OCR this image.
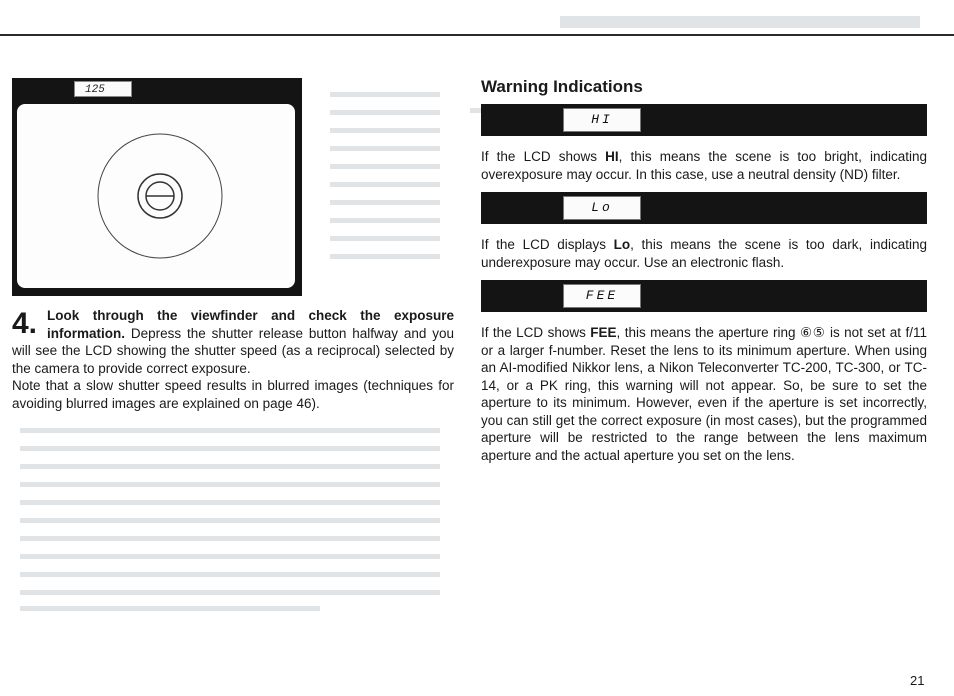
125
4. Look through the viewfinder and check the exposure information. Depress the shutter release button halfway and you will see the LCD showing the shutter speed (as a reciprocal) selected by the camera to provide correct exposure.

Note that a slow shutter speed results in blurred images (techniques for avoiding blurred images are explained on page 46).

Warning Indications
HI

If the LCD shows HI, this means the scene is too bright, indicating overexposure may occur. In this case, use a neutral density (ND) filter.

Lo

If the LCD displays Lo, this means the scene is too dark, indicating underexposure may occur. Use an electronic flash.

FEE

If the LCD shows FEE, this means the aperture ring ⑥⑤ is not set at f/11 or a larger f-number. Reset the lens to its minimum aperture. When using an AI-modified Nikkor lens, a Nikon Teleconverter TC-200, TC-300, or TC-14, or a PK ring, this warning will not appear. So, be sure to set the aperture to its minimum. However, even if the aperture is set incorrectly, you can still get the correct exposure (in most cases), but the programmed aperture will be restricted to the range between the lens maximum aperture and the actual aperture you set on the lens.

21
